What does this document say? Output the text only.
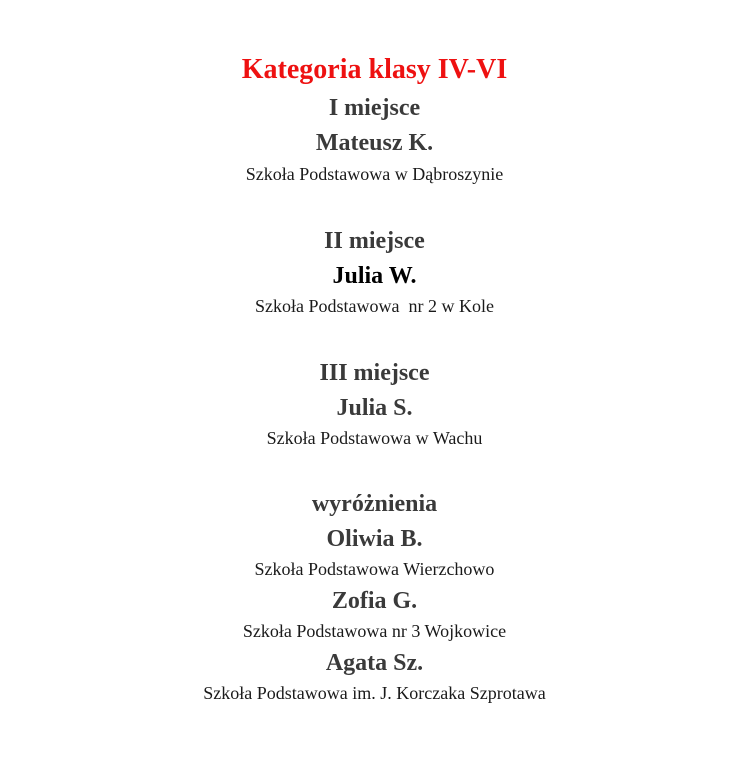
Kategoria klasy IV-VI
I miejsce
Mateusz K.
Szkoła Podstawowa w Dąbroszynie
II miejsce
Julia W.
Szkoła Podstawowa  nr 2 w Kole
III miejsce
Julia S.
Szkoła Podstawowa w Wachu
wyróżnienia
Oliwia B.
Szkoła Podstawowa Wierzchowo
Zofia G.
Szkoła Podstawowa nr 3 Wojkowice
Agata Sz.
Szkoła Podstawowa im. J. Korczaka Szprotawa
